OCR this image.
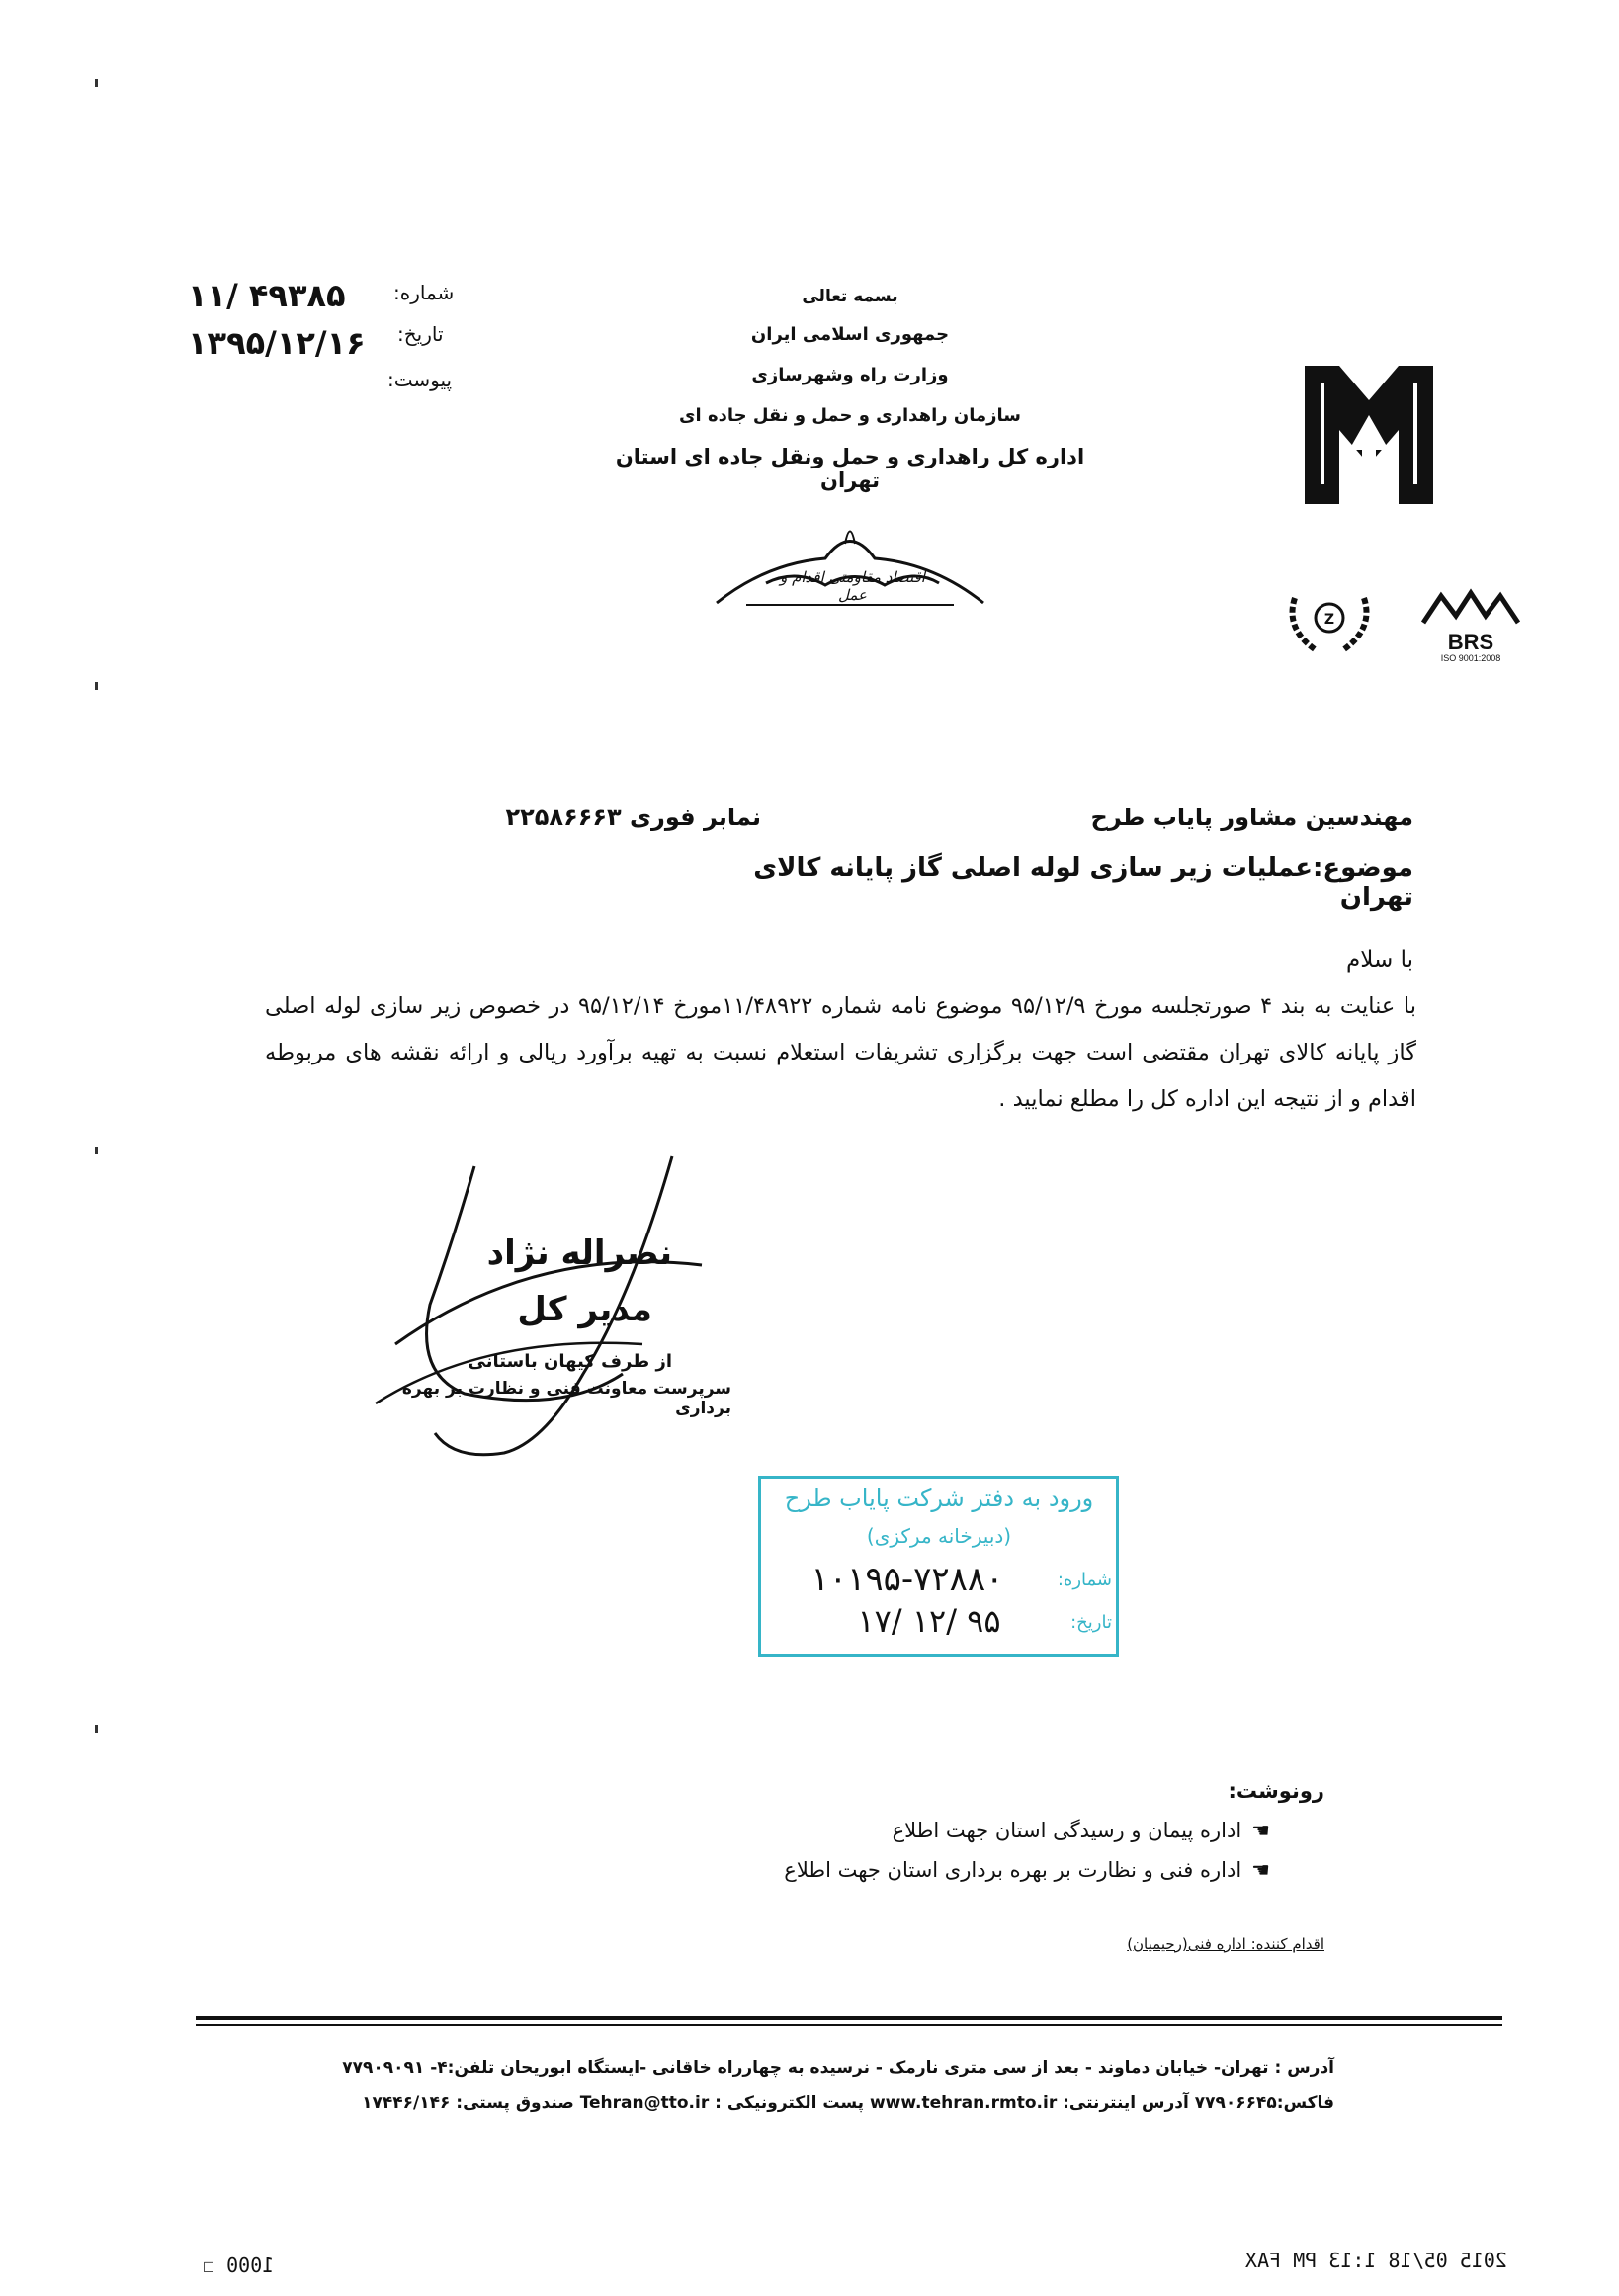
بسمه تعالی
جمهوری اسلامی ایران
وزارت راه وشهرسازی
سازمان راهداری و حمل و نقل جاده ای
اداره کل راهداری و حمل ونقل جاده ای استان تهران
شماره:
۱۱/ ۴۹۳۸۵
تاریخ:
۱۳۹۵/۱۲/۱۶
پیوست:
اقتصاد مقاومتی اقدام و عمل
Z
BRS
ISO 9001:2008
مهندسین مشاور پایاب طرح
نمابر فوری ۲۲۵۸۶۶۶۳
موضوع:عملیات زیر سازی لوله اصلی گاز پایانه کالای تهران
با سلام
با عنایت به بند ۴ صورتجلسه مورخ ۹۵/۱۲/۹ موضوع نامه شماره ۱۱/۴۸۹۲۲مورخ ۹۵/۱۲/۱۴ در خصوص زیر سازی لوله اصلی گاز پایانه کالای تهران مقتضی است جهت برگزاری تشریفات استعلام نسبت به تهیه برآورد ریالی و ارائه نقشه های مربوطه اقدام و از نتیجه این اداره کل را مطلع نمایید .
نصراله نژاد
مدیر کل
از طرف کیهان باستانی
سرپرست معاونت فنی و نظارت بر بهره برداری
ورود به دفتر شرکت پایاب طرح
(دبیرخانه مرکزی)
شماره:
۱۰۱۹۵-۷۲۸۸۰
تاریخ:
۹۵ /۱۲ /۱۷
رونوشت:
☚
اداره پیمان و رسیدگی استان جهت اطلاع
☚
اداره فنی و نظارت بر بهره برداری استان جهت اطلاع
اقدام کننده: اداره فنی(رحیمیان)
آدرس : تهران- خیابان دماوند - بعد از سی متری نارمک - نرسیده به چهارراه خاقانی -ایستگاه ابوریحان تلفن:۴- ۷۷۹۰۹۰۹۱
فاکس:۷۷۹۰۶۶۴۵ آدرس اینترنتی: www.tehran.rmto.ir پست الکترونیکی : Tehran@tto.ir صندوق پستی: ۱۷۴۴۶/۱۴۶
1000 ☐	2015 05/18 1:13 PM FAX
